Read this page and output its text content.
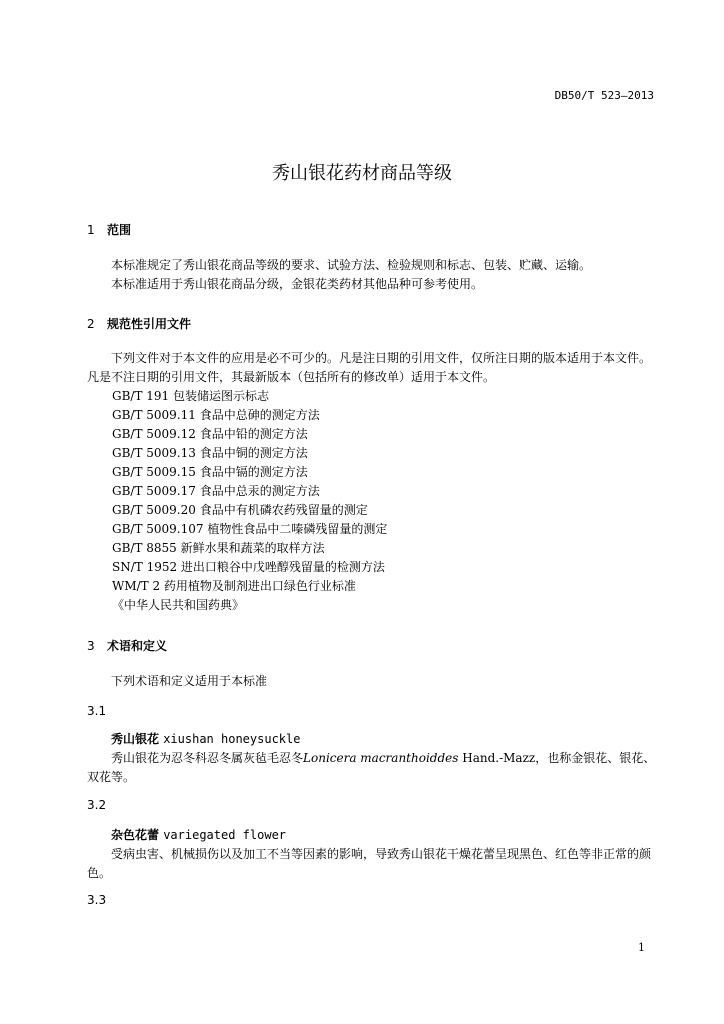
DB50/T 523—2013
秀山银花药材商品等级
1 范围
本标准规定了秀山银花商品等级的要求、试验方法、检验规则和标志、包装、贮藏、运输。
本标准适用于秀山银花商品分级，金银花类药材其他品种可参考使用。
2 规范性引用文件
下列文件对于本文件的应用是必不可少的。凡是注日期的引用文件，仅所注日期的版本适用于本文件。凡是不注日期的引用文件，其最新版本（包括所有的修改单）适用于本文件。
GB/T 191 包装储运图示标志
GB/T 5009.11 食品中总砷的测定方法
GB/T 5009.12 食品中铅的测定方法
GB/T 5009.13 食品中铜的测定方法
GB/T 5009.15 食品中镉的测定方法
GB/T 5009.17 食品中总汞的测定方法
GB/T 5009.20 食品中有机磷农药残留量的测定
GB/T 5009.107 植物性食品中二嗪磷残留量的测定
GB/T 8855 新鲜水果和蔬菜的取样方法
SN/T 1952 进出口粮谷中戊唑醇残留量的检测方法
WM/T 2 药用植物及制剂进出口绿色行业标准
《中华人民共和国药典》
3 术语和定义
下列术语和定义适用于本标准
3.1
秀山银花 xiushan honeysuckle
秀山银花为忍冬科忍冬属灰毡毛忍冬Lonicera macranthoiddes Hand.-Mazz，也称金银花、银花、双花等。
3.2
杂色花蕾 variegated flower
受病虫害、机械损伤以及加工不当等因素的影响，导致秀山银花干燥花蕾呈现黑色、红色等非正常的颜色。
3.3
1
